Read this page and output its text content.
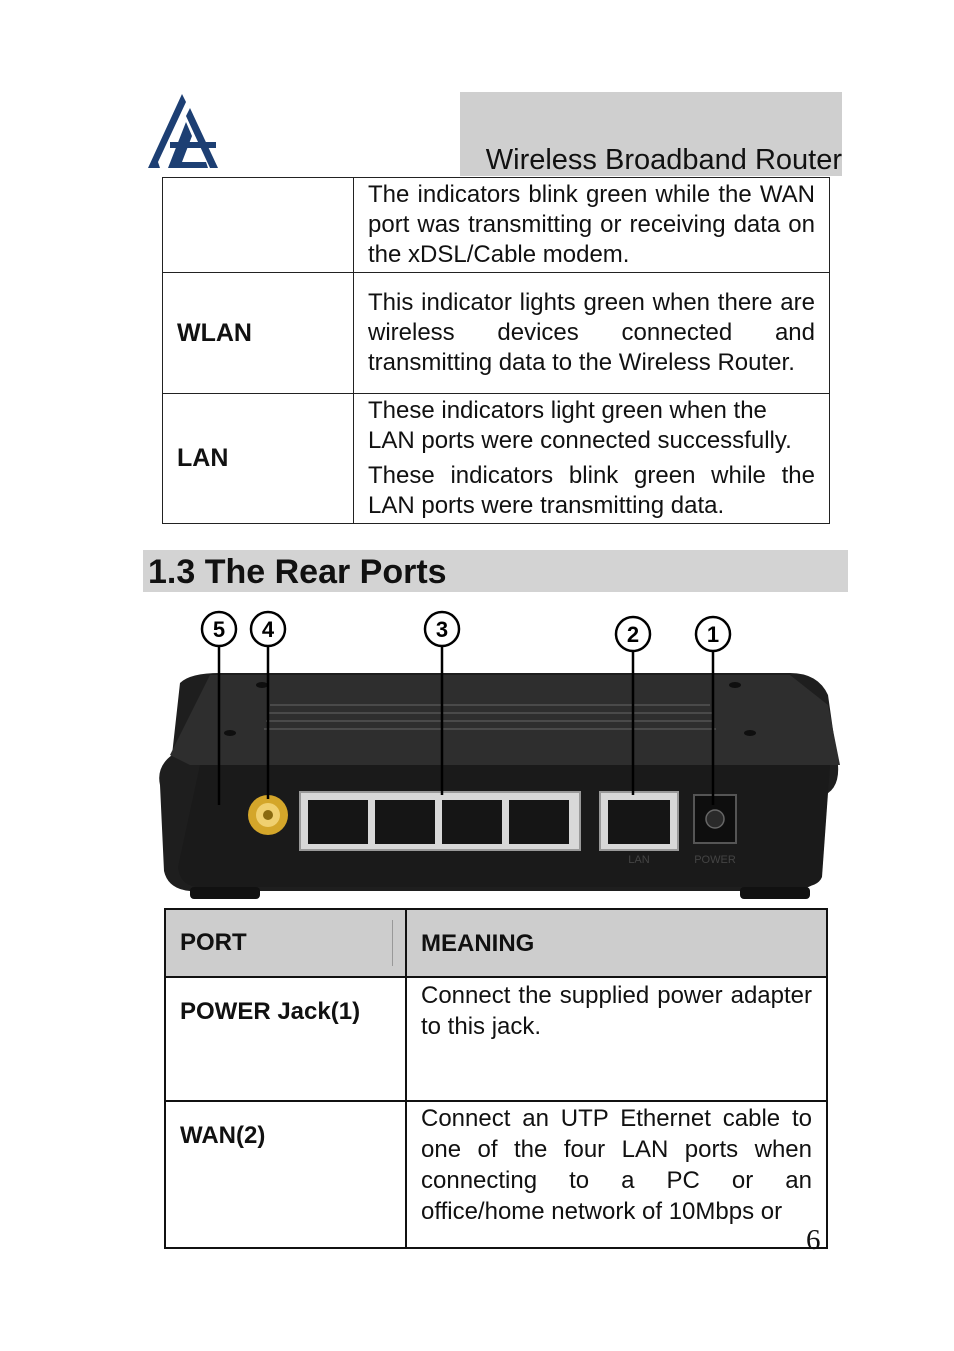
Wireless Broadband Router

	The indicators blink green while the WAN port was transmitting or receiving data on the xDSL/Cable modem.

WLAN	This indicator lights green when there are wireless devices connected and transmitting data to the Wireless Router.

LAN	These indicators light green when the LAN ports were connected successfully.

These indicators blink green while the LAN ports were transmitting data.

1.3 The Rear Ports
LAN	POWER
5 4	3	2	1
PORT	MEANING
POWER Jack(1)	Connect the supplied power adapter to this jack.
WAN(2)	Connect an UTP Ethernet cable to one of the four LAN ports when connecting to a PC or an office/home network of 10Mbps or
6
